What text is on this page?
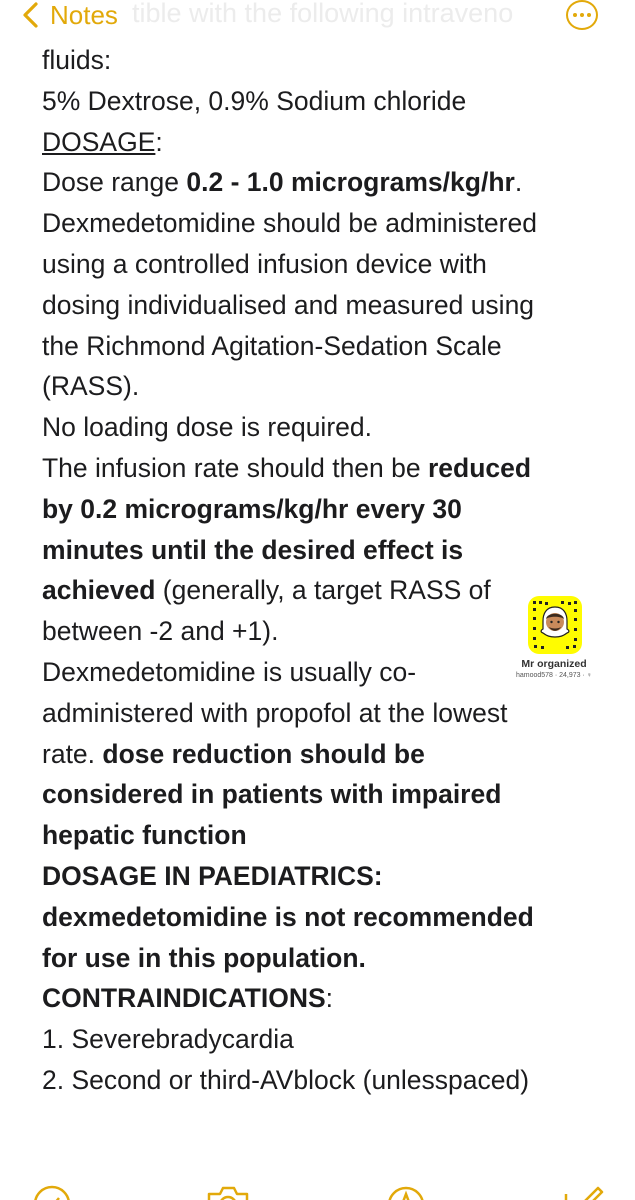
tible with the following intraveno
Notes

fluids:

5% Dextrose, 0.9% Sodium chloride

DOSAGE:

Dose range 0.2 - 1.0 micrograms/kg/hr.

Dexmedetomidine should be administered

using a controlled infusion device with

dosing individualised and measured using

the Richmond Agitation-Sedation Scale

(RASS).

No loading dose is required.

The infusion rate should then be reduced

by 0.2 micrograms/kg/hr every 30

minutes until the desired effect is

achieved (generally, a target RASS of

between -2 and +1).

Dexmedetomidine is usually co-

administered with propofol at the lowest

rate. dose reduction should be

considered in patients with impaired

hepatic function

DOSAGE IN PAEDIATRICS:

dexmedetomidine is not recommended

for use in this population.

CONTRAINDICATIONS:

1. Severebradycardia

2. Second or third-AVblock (unlesspaced)

Mr organized
hamood578 · 24,973 · ♀
